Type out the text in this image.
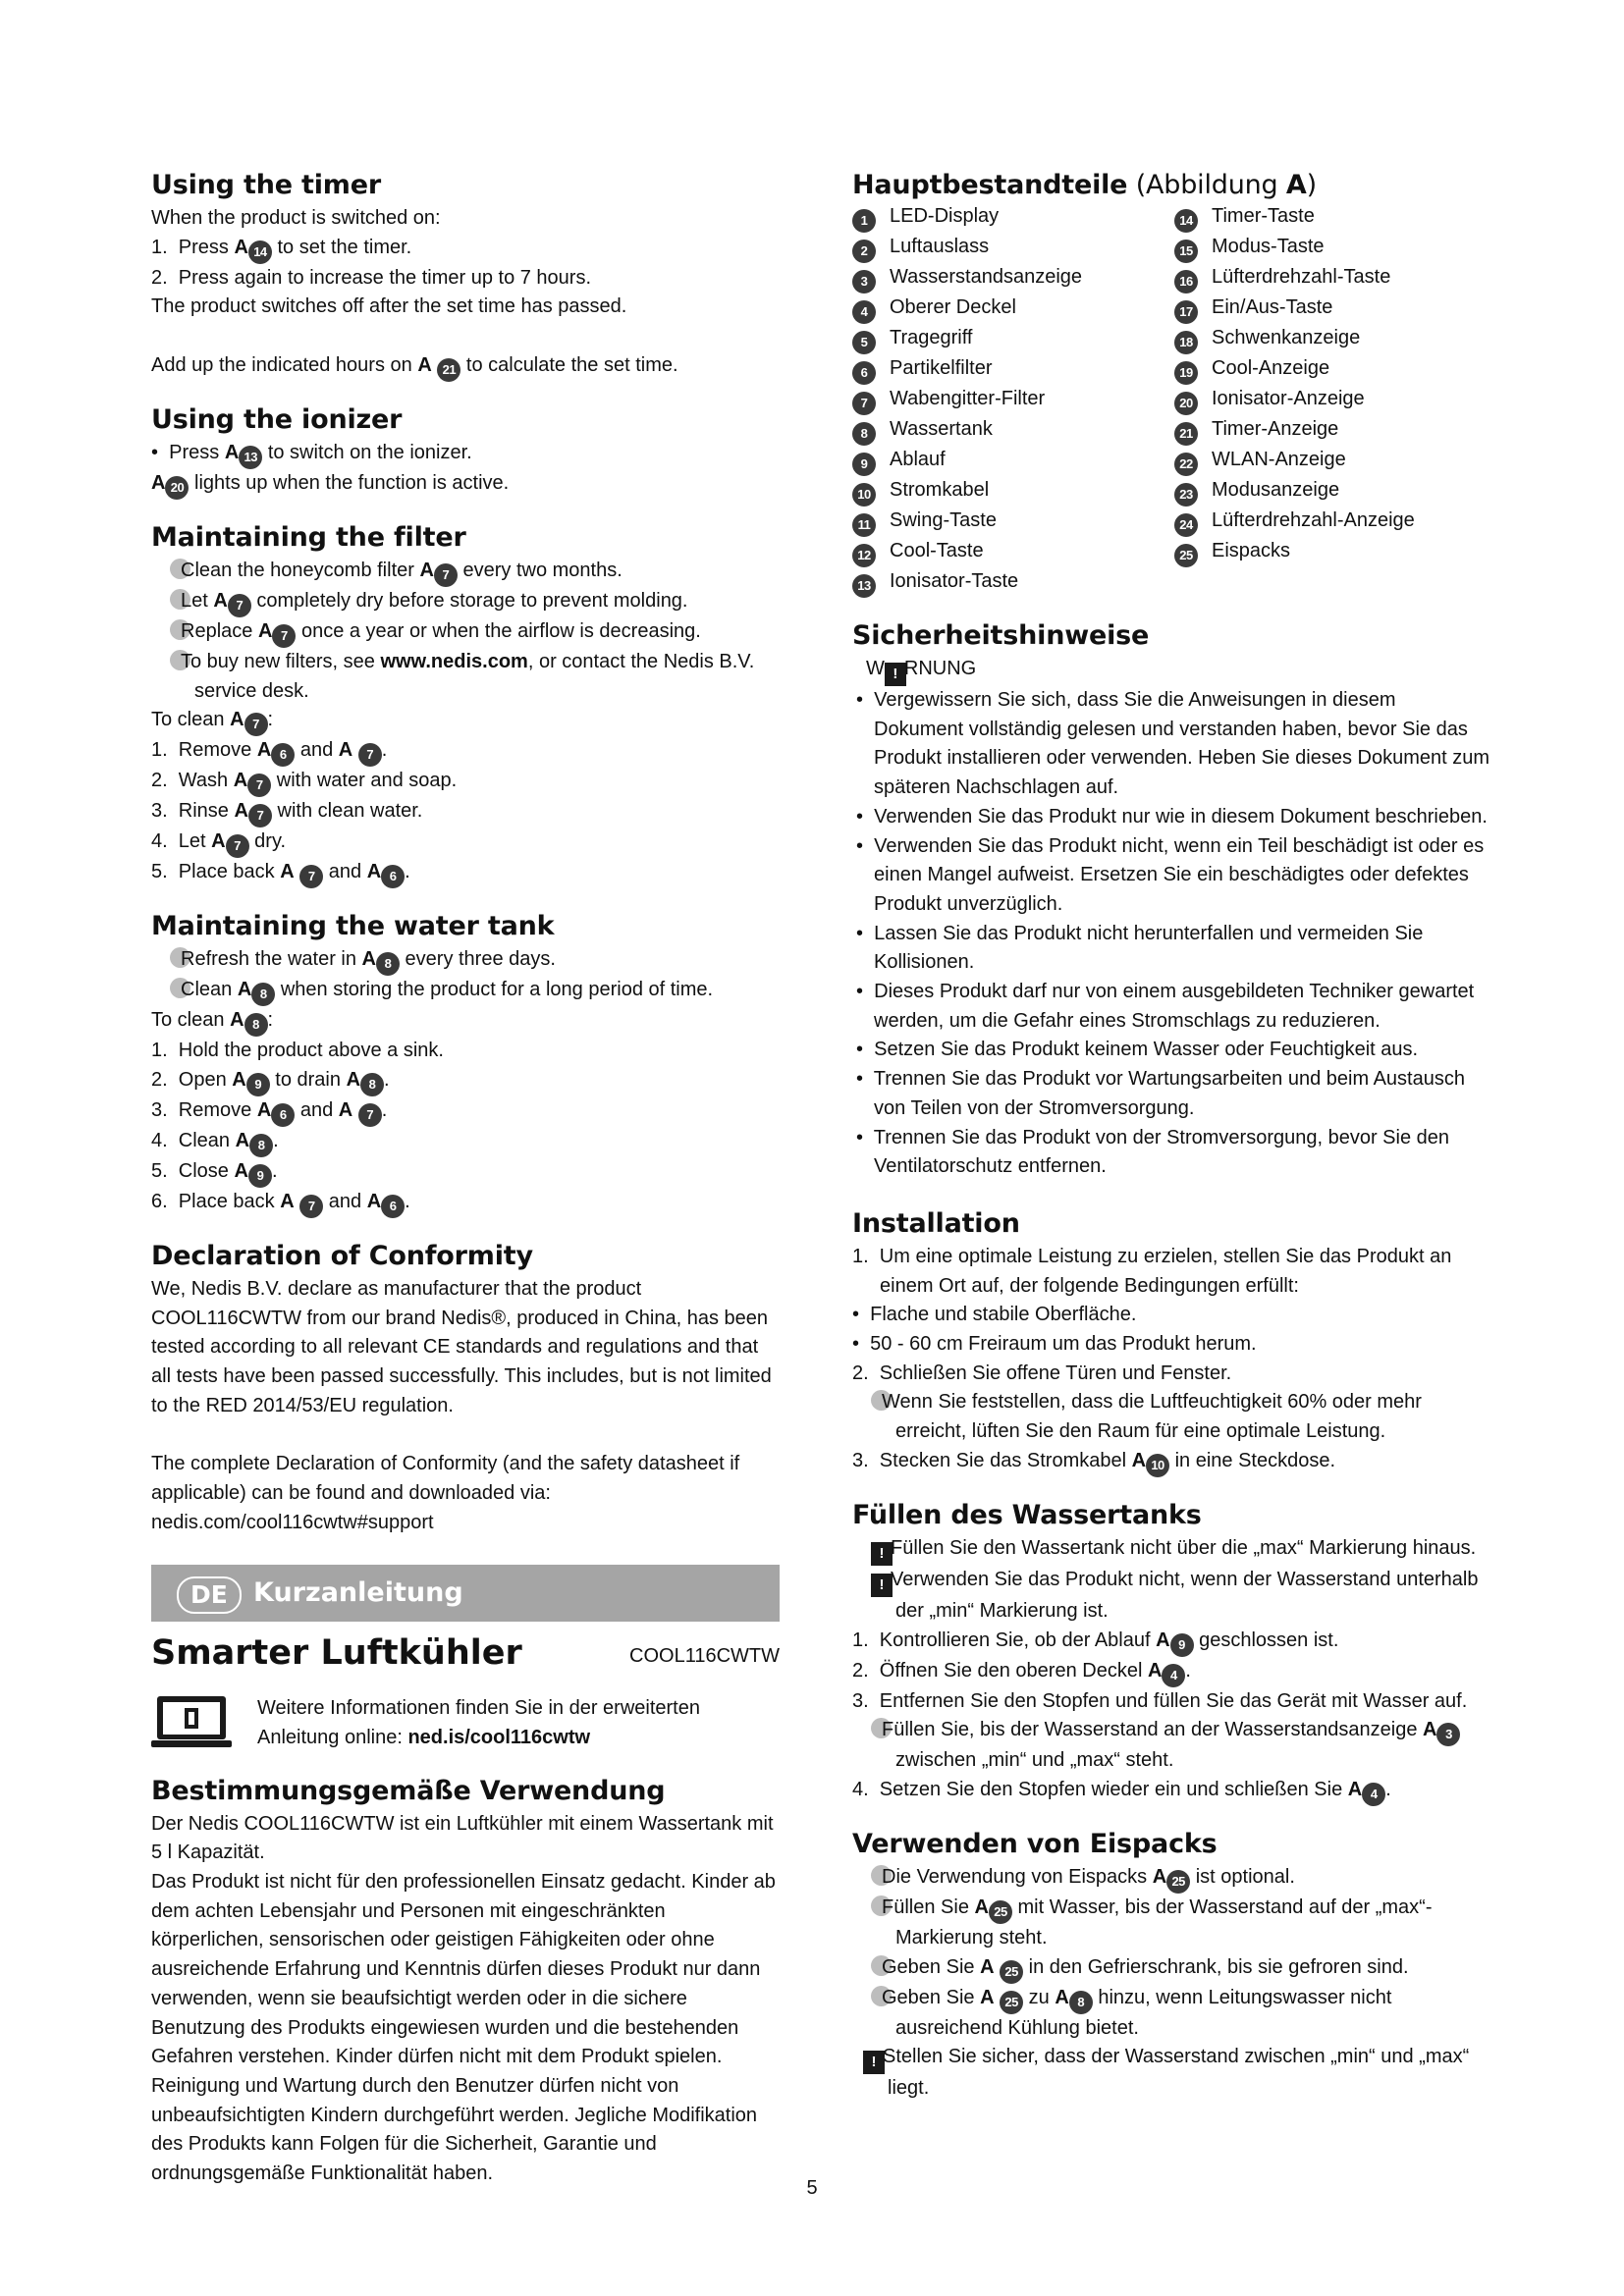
Using the timer

When the product is switched on:

1.  Press A 14 to set the timer.

2.  Press again to increase the timer up to 7 hours.

The product switches off after the set time has passed.

Add up the indicated hours on A 21 to calculate the set time.

Using the ionizer

•  Press A 13 to switch on the ionizer.

A 20 lights up when the function is active.

Maintaining the filter

Clean the honeycomb filter A 7 every two months.

Let A 7 completely dry before storage to prevent molding.

Replace A 7 once a year or when the airflow is decreasing.

To buy new filters, see www.nedis.com, or contact the Nedis B.V. service desk.

To clean A 7 :

1.  Remove A 6 and A 7 .

2.  Wash A 7 with water and soap.

3.  Rinse A 7 with clean water.

4.  Let A 7 dry.

5.  Place back A 7 and A 6 .

Maintaining the water tank

Refresh the water in A 8 every three days.

Clean A 8 when storing the product for a long period of time.

To clean A 8 :

1.  Hold the product above a sink.

2.  Open A 9 to drain A 8 .

3.  Remove A 6 and A 7 .

4.  Clean A 8 .

5.  Close A 9 .

6.  Place back A 7 and A 6 .

Declaration of Conformity

We, Nedis B.V. declare as manufacturer that the product COOL116CWTW from our brand Nedis®, produced in China, has been tested according to all relevant CE standards and regulations and that all tests have been passed successfully. This includes, but is not limited to the RED 2014/53/EU regulation.

The complete Declaration of Conformity (and the safety datasheet if applicable) can be found and downloaded via: nedis.com/cool116cwtw#support

DE Kurzanleitung
Smarter Luftkühler	COOL116CWTW

Weitere Informationen finden Sie in der erweiterten

Anleitung online: ned.is/cool116cwtw

Bestimmungsgemäße Verwendung

Der Nedis COOL116CWTW ist ein Luftkühler mit einem Wassertank mit 5 l Kapazität.

Das Produkt ist nicht für den professionellen Einsatz gedacht. Kinder ab dem achten Lebensjahr und Personen mit eingeschränkten körperlichen, sensorischen oder geistigen Fähigkeiten oder ohne ausreichende Erfahrung und Kenntnis dürfen dieses Produkt nur dann verwenden, wenn sie beaufsichtigt werden oder in die sichere Benutzung des Produkts eingewiesen wurden und die bestehenden Gefahren verstehen. Kinder dürfen nicht mit dem Produkt spielen. Reinigung und Wartung durch den Benutzer dürfen nicht von unbeaufsichtigten Kindern durchgeführt werden. Jegliche Modifikation des Produkts kann Folgen für die Sicherheit, Garantie und ordnungsgemäße Funktionalität haben.

Hauptbestandteile (Abbildung A)
1 LED-Display	14 Timer-Taste
2 Luftauslass	15 Modus-Taste
3 Wasserstandsanzeige	16 Lüfterdrehzahl-Taste
4 Oberer Deckel	17 Ein/Aus-Taste
5 Tragegriff	18 Schwenkanzeige
6 Partikelfilter	19 Cool-Anzeige
7 Wabengitter-Filter	20 Ionisator-Anzeige
8 Wassertank	21 Timer-Anzeige
9 Ablauf	22 WLAN-Anzeige
10 Stromkabel	23 Modusanzeige
11 Swing-Taste	24 Lüfterdrehzahl-Anzeige
12 Cool-Taste	25 Eispacks
13 Ionisator-Taste
Sicherheitshinweise

W ! RNUNG

•  Vergewissern Sie sich, dass Sie die Anweisungen in diesem Dokument vollständig gelesen und verstanden haben, bevor Sie das Produkt installieren oder verwenden. Heben Sie dieses Dokument zum späteren Nachschlagen auf.

•  Verwenden Sie das Produkt nur wie in diesem Dokument beschrieben.

•  Verwenden Sie das Produkt nicht, wenn ein Teil beschädigt ist oder es einen Mangel aufweist. Ersetzen Sie ein beschädigtes oder defektes Produkt unverzüglich.

•  Lassen Sie das Produkt nicht herunterfallen und vermeiden Sie Kollisionen.

•  Dieses Produkt darf nur von einem ausgebildeten Techniker gewartet werden, um die Gefahr eines Stromschlags zu reduzieren.

•  Setzen Sie das Produkt keinem Wasser oder Feuchtigkeit aus.

•  Trennen Sie das Produkt vor Wartungsarbeiten und beim Austausch von Teilen von der Stromversorgung.

•  Trennen Sie das Produkt von der Stromversorgung, bevor Sie den Ventilatorschutz entfernen.

Installation

1.  Um eine optimale Leistung zu erzielen, stellen Sie das Produkt an einem Ort auf, der folgende Bedingungen erfüllt:

•  Flache und stabile Oberfläche.

•  50 - 60 cm Freiraum um das Produkt herum.

2.  Schließen Sie offene Türen und Fenster.

Wenn Sie feststellen, dass die Luftfeuchtigkeit 60% oder mehr erreicht, lüften Sie den Raum für eine optimale Leistung.

3.  Stecken Sie das Stromkabel A 10 in eine Steckdose.

Füllen des Wassertanks

! Füllen Sie den Wassertank nicht über die „max“ Markierung hinaus.

! Verwenden Sie das Produkt nicht, wenn der Wasserstand unterhalb der „min“ Markierung ist.

1.  Kontrollieren Sie, ob der Ablauf A 9 geschlossen ist.

2.  Öffnen Sie den oberen Deckel A 4 .

3.  Entfernen Sie den Stopfen und füllen Sie das Gerät mit Wasser auf.

Füllen Sie, bis der Wasserstand an der Wasserstandsanzeige A 3 zwischen „min“ und „max“ steht.

4.  Setzen Sie den Stopfen wieder ein und schließen Sie A 4 .

Verwenden von Eispacks

Die Verwendung von Eispacks A 25 ist optional.

Füllen Sie A 25 mit Wasser, bis der Wasserstand auf der „max“-Markierung steht.

Geben Sie A 25 in den Gefrierschrank, bis sie gefroren sind.

Geben Sie A 25 zu A 8 hinzu, wenn Leitungswasser nicht ausreichend Kühlung bietet.

! Stellen Sie sicher, dass der Wasserstand zwischen „min“ und „max“ liegt.

5
